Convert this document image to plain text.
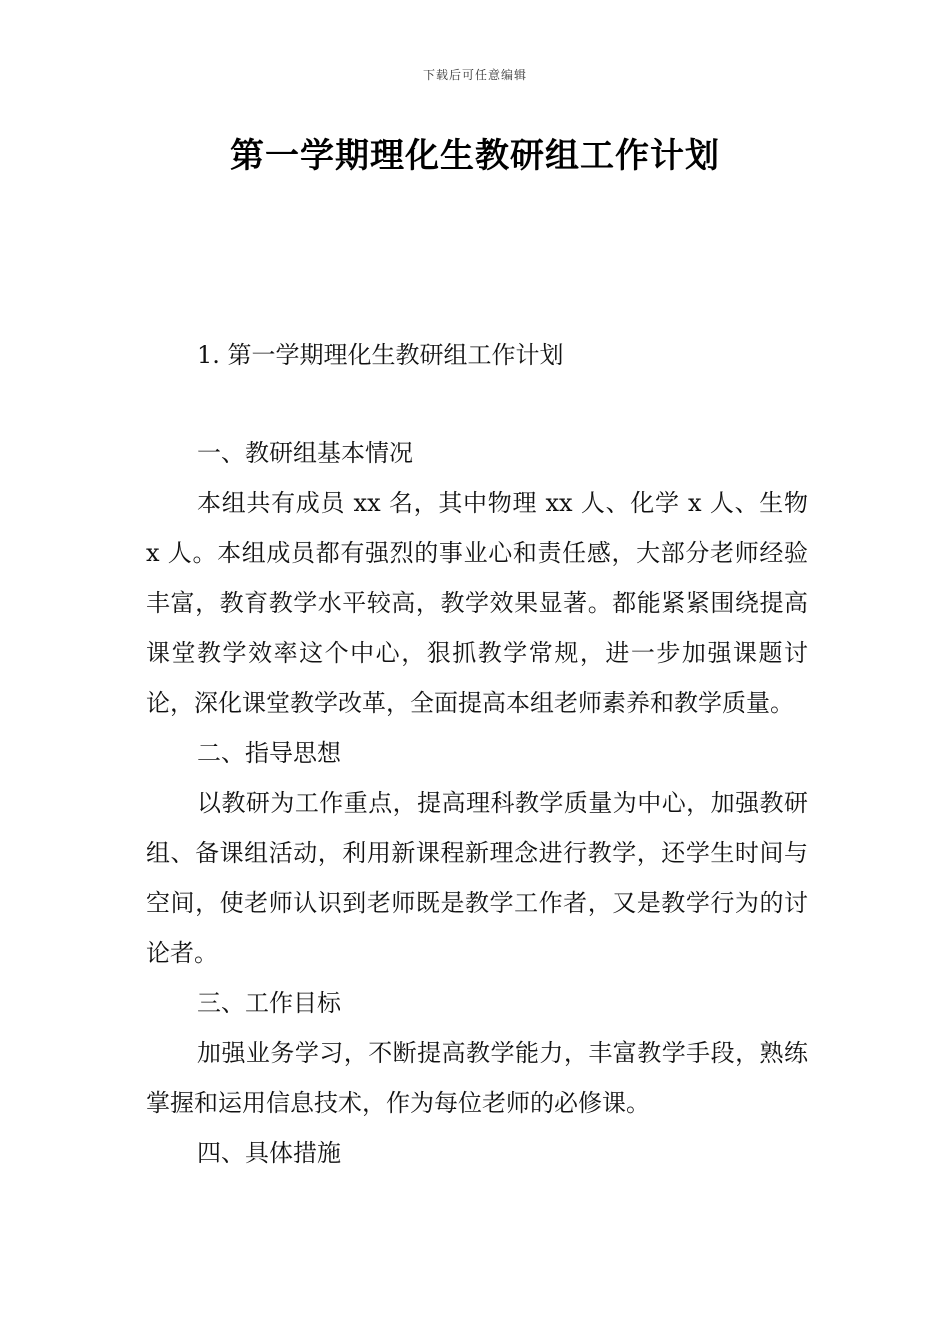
下载后可任意编辑
第一学期理化生教研组工作计划

1. 第一学期理化生教研组工作计划

一、教研组基本情况

本组共有成员 xx 名，其中物理 xx 人、化学 x 人、生物 x 人。本组成员都有强烈的事业心和责任感，大部分老师经验丰富，教育教学水平较高，教学效果显著。都能紧紧围绕提高课堂教学效率这个中心，狠抓教学常规，进一步加强课题讨论，深化课堂教学改革，全面提高本组老师素养和教学质量。

二、指导思想

以教研为工作重点，提高理科教学质量为中心，加强教研组、备课组活动，利用新课程新理念进行教学，还学生时间与空间，使老师认识到老师既是教学工作者，又是教学行为的讨论者。

三、工作目标

加强业务学习，不断提高教学能力，丰富教学手段，熟练掌握和运用信息技术，作为每位老师的必修课。

四、具体措施
